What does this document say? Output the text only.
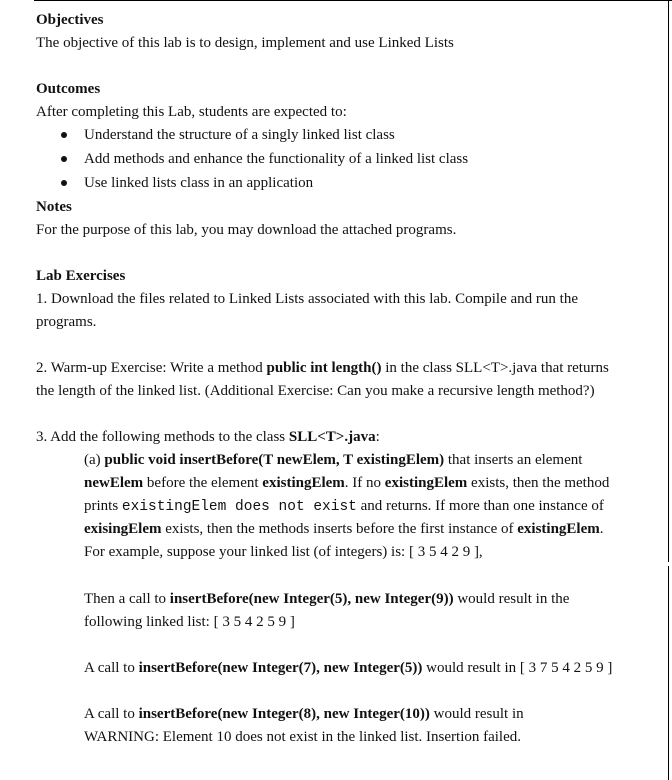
Objectives
The objective of this lab is to design, implement and use Linked Lists
Outcomes
After completing this Lab, students are expected to:
Understand the structure of a singly linked list class
Add methods and enhance the functionality of a linked list class
Use linked lists class in an application
Notes
For the purpose of this lab, you may download the attached programs.
Lab Exercises
1. Download the files related to Linked Lists associated with this lab. Compile and run the
programs.
2. Warm-up Exercise: Write a method public int length() in the class SLL<T>.java that returns
the length of the linked list. (Additional Exercise: Can you make a recursive length method?)
3. Add the following methods to the class SLL<T>.java:
(a) public void insertBefore(T newElem, T existingElem) that inserts an element
newElem before the element existingElem. If no existingElem exists, then the method
prints existingElem does not exist and returns. If more than one instance of
exisingElem exists, then the methods inserts before the first instance of existingElem.
For example, suppose your linked list (of integers) is: [ 3 5 4 2 9 ],
Then a call to insertBefore(new Integer(5), new Integer(9)) would result in the
following linked list: [ 3 5 4 2 5 9 ]
A call to insertBefore(new Integer(7), new Integer(5)) would result in [ 3 7 5 4 2 5 9 ]
A call to insertBefore(new Integer(8), new Integer(10)) would result in
WARNING: Element 10 does not exist in the linked list. Insertion failed.
